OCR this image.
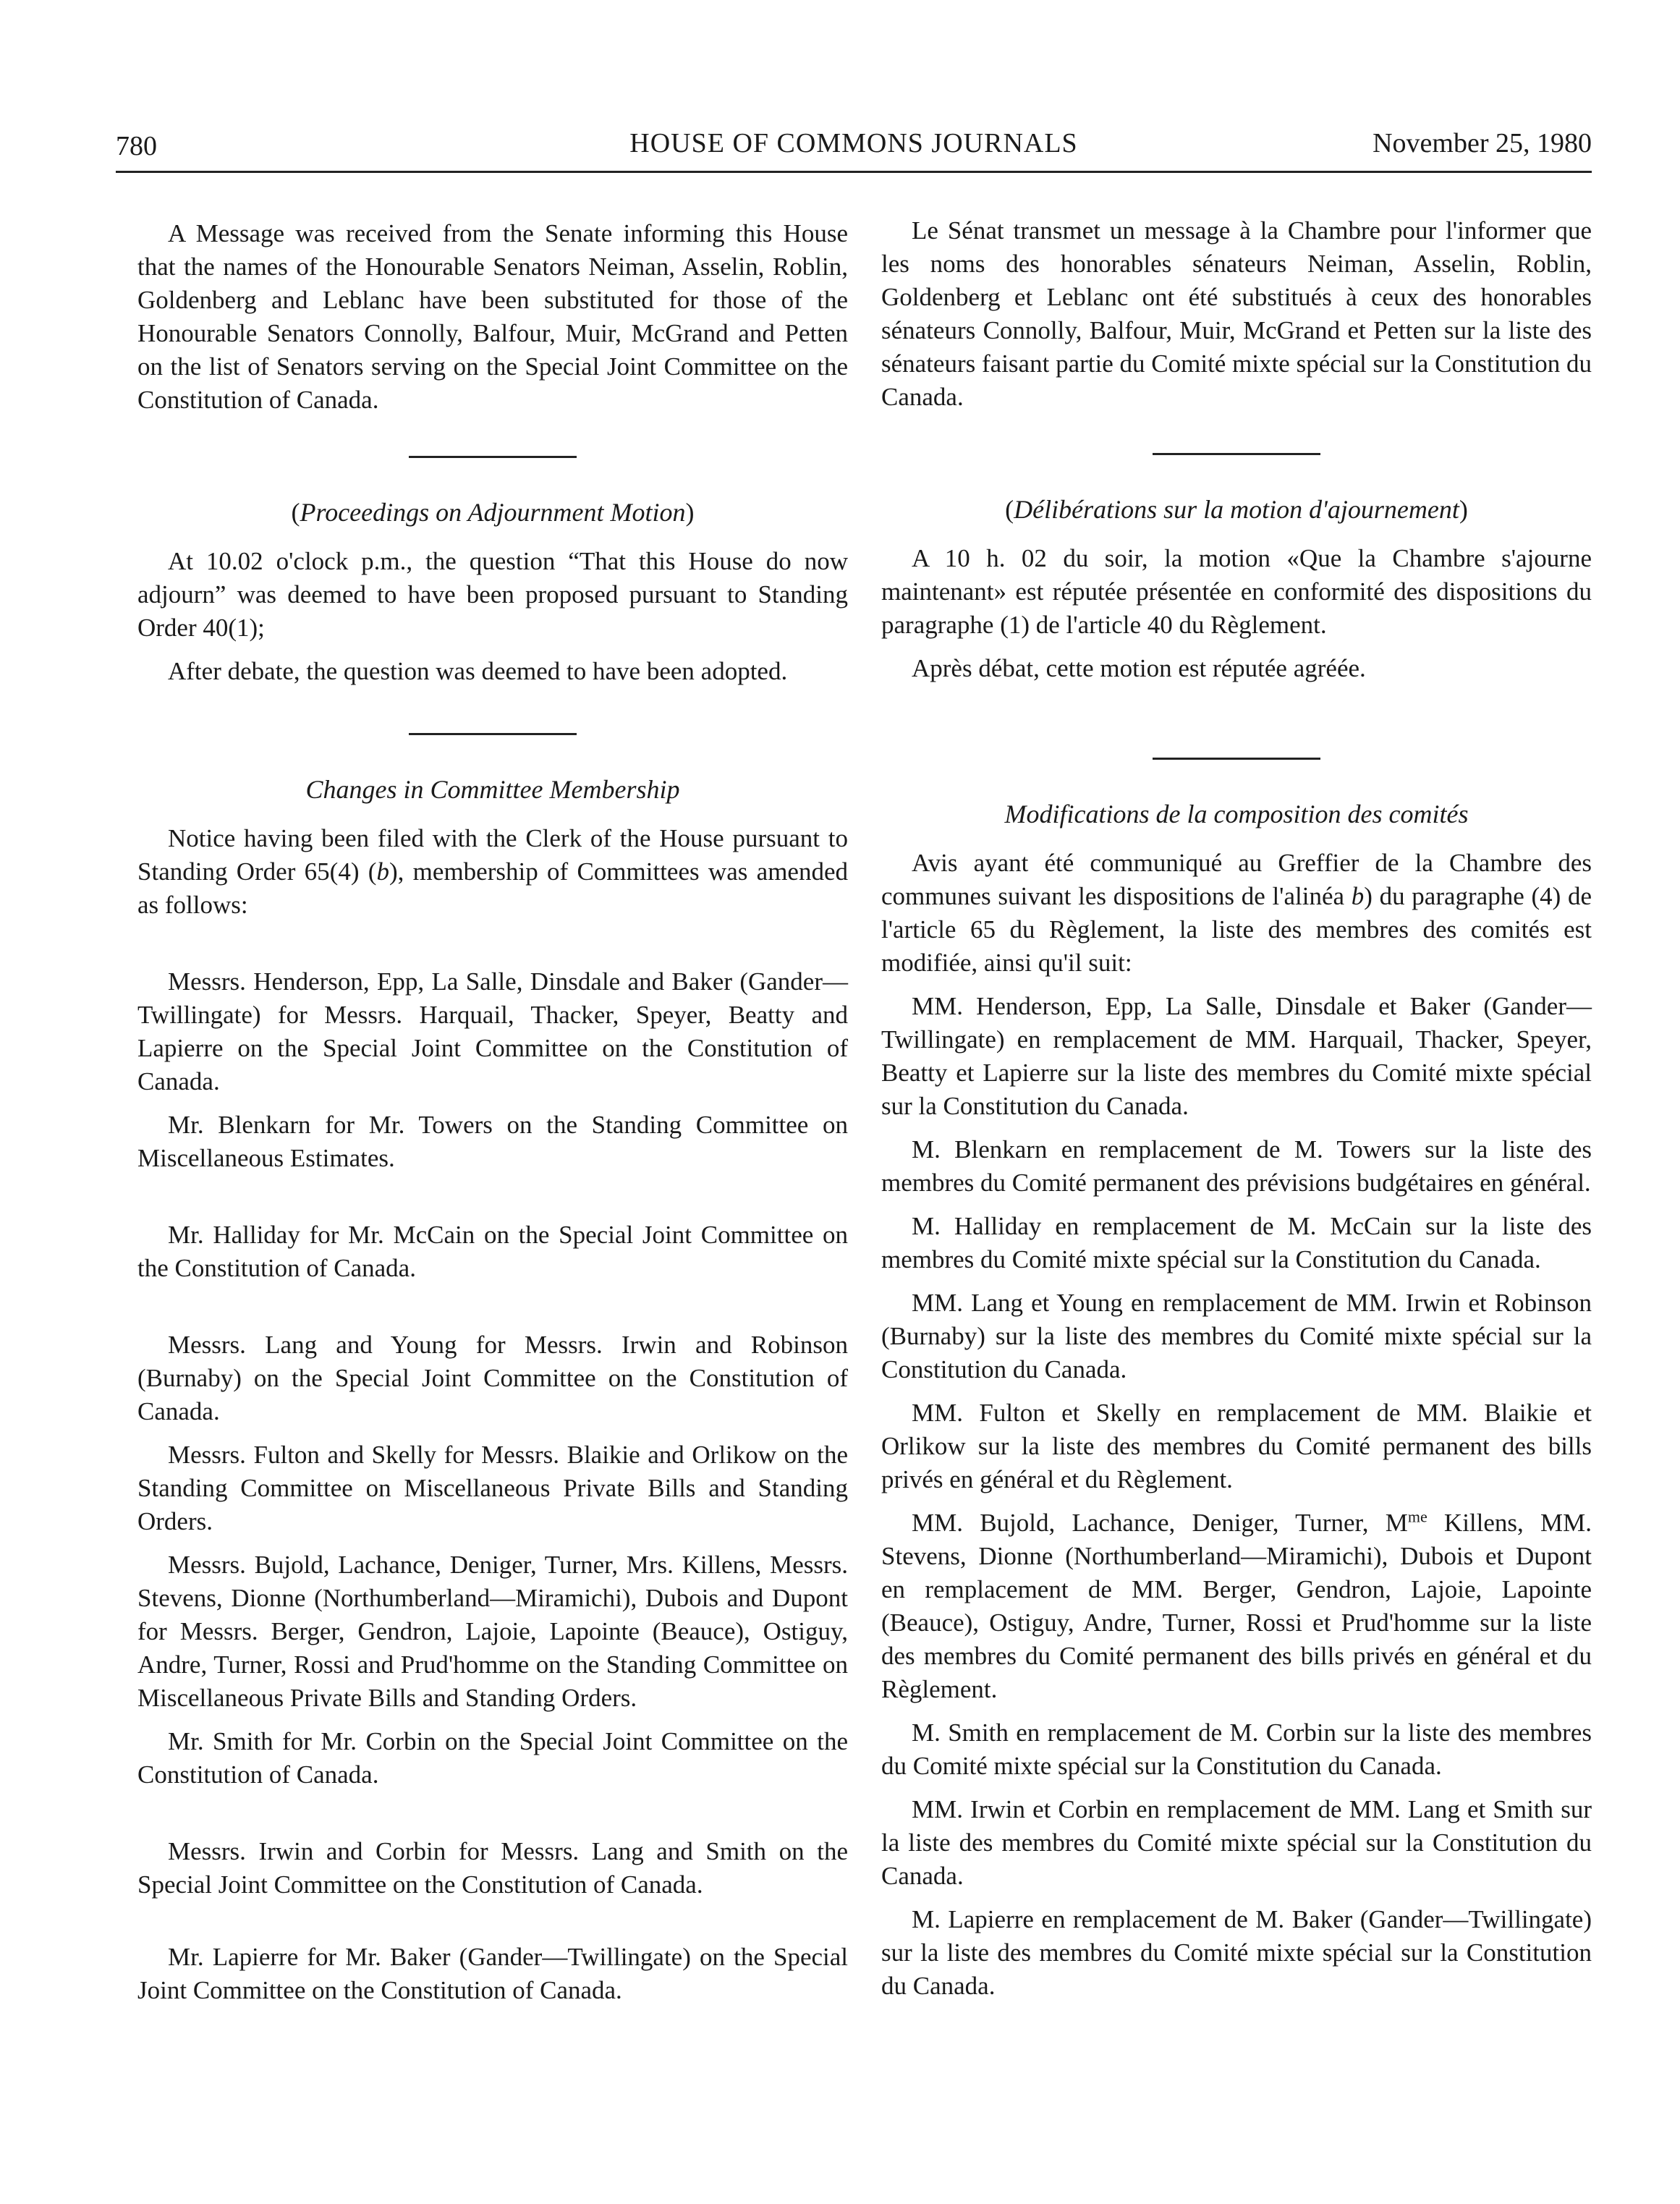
780	HOUSE OF COMMONS JOURNALS	November 25, 1980

A Message was received from the Senate informing this House that the names of the Honourable Senators Neiman, Asselin, Roblin, Goldenberg and Leblanc have been substituted for those of the Honourable Senators Connolly, Balfour, Muir, McGrand and Petten on the list of Senators serving on the Special Joint Committee on the Constitution of Canada.

(Proceedings on Adjournment Motion)

At 10.02 o'clock p.m., the question “That this House do now adjourn” was deemed to have been proposed pursuant to Standing Order 40(1);

After debate, the question was deemed to have been adopted.

Changes in Committee Membership

Notice having been filed with the Clerk of the House pursuant to Standing Order 65(4) (b), membership of Committees was amended as follows:

Messrs. Henderson, Epp, La Salle, Dinsdale and Baker (Gander—Twillingate) for Messrs. Harquail, Thacker, Speyer, Beatty and Lapierre on the Special Joint Committee on the Constitution of Canada.

Mr. Blenkarn for Mr. Towers on the Standing Committee on Miscellaneous Estimates.

Mr. Halliday for Mr. McCain on the Special Joint Committee on the Constitution of Canada.

Messrs. Lang and Young for Messrs. Irwin and Robinson (Burnaby) on the Special Joint Committee on the Constitution of Canada.

Messrs. Fulton and Skelly for Messrs. Blaikie and Orlikow on the Standing Committee on Miscellaneous Private Bills and Standing Orders.

Messrs. Bujold, Lachance, Deniger, Turner, Mrs. Killens, Messrs. Stevens, Dionne (Northumberland—Miramichi), Dubois and Dupont for Messrs. Berger, Gendron, Lajoie, Lapointe (Beauce), Ostiguy, Andre, Turner, Rossi and Prud'homme on the Standing Committee on Miscellaneous Private Bills and Standing Orders.

Mr. Smith for Mr. Corbin on the Special Joint Committee on the Constitution of Canada.

Messrs. Irwin and Corbin for Messrs. Lang and Smith on the Special Joint Committee on the Constitution of Canada.

Mr. Lapierre for Mr. Baker (Gander—Twillingate) on the Special Joint Committee on the Constitution of Canada.

Le Sénat transmet un message à la Chambre pour l'informer que les noms des honorables sénateurs Neiman, Asselin, Roblin, Goldenberg et Leblanc ont été substitués à ceux des honorables sénateurs Connolly, Balfour, Muir, McGrand et Petten sur la liste des sénateurs faisant partie du Comité mixte spécial sur la Constitution du Canada.

(Délibérations sur la motion d'ajournement)

A 10 h. 02 du soir, la motion «Que la Chambre s'ajourne maintenant» est réputée présentée en conformité des dispositions du paragraphe (1) de l'article 40 du Règlement.

Après débat, cette motion est réputée agréée.

Modifications de la composition des comités

Avis ayant été communiqué au Greffier de la Chambre des communes suivant les dispositions de l'alinéa b) du paragraphe (4) de l'article 65 du Règlement, la liste des membres des comités est modifiée, ainsi qu'il suit:

MM. Henderson, Epp, La Salle, Dinsdale et Baker (Gander—Twillingate) en remplacement de MM. Harquail, Thacker, Speyer, Beatty et Lapierre sur la liste des membres du Comité mixte spécial sur la Constitution du Canada.

M. Blenkarn en remplacement de M. Towers sur la liste des membres du Comité permanent des prévisions budgétaires en général.

M. Halliday en remplacement de M. McCain sur la liste des membres du Comité mixte spécial sur la Constitution du Canada.

MM. Lang et Young en remplacement de MM. Irwin et Robinson (Burnaby) sur la liste des membres du Comité mixte spécial sur la Constitution du Canada.

MM. Fulton et Skelly en remplacement de MM. Blaikie et Orlikow sur la liste des membres du Comité permanent des bills privés en général et du Règlement.

MM. Bujold, Lachance, Deniger, Turner, $M^{me}$ Killens, MM. Stevens, Dionne (Northumberland—Miramichi), Dubois et Dupont en remplacement de MM. Berger, Gendron, Lajoie, Lapointe (Beauce), Ostiguy, Andre, Turner, Rossi et Prud'homme sur la liste des membres du Comité permanent des bills privés en général et du Règlement.

M. Smith en remplacement de M. Corbin sur la liste des membres du Comité mixte spécial sur la Constitution du Canada.

MM. Irwin et Corbin en remplacement de MM. Lang et Smith sur la liste des membres du Comité mixte spécial sur la Constitution du Canada.

M. Lapierre en remplacement de M. Baker (Gander—Twillingate) sur la liste des membres du Comité mixte spécial sur la Constitution du Canada.
